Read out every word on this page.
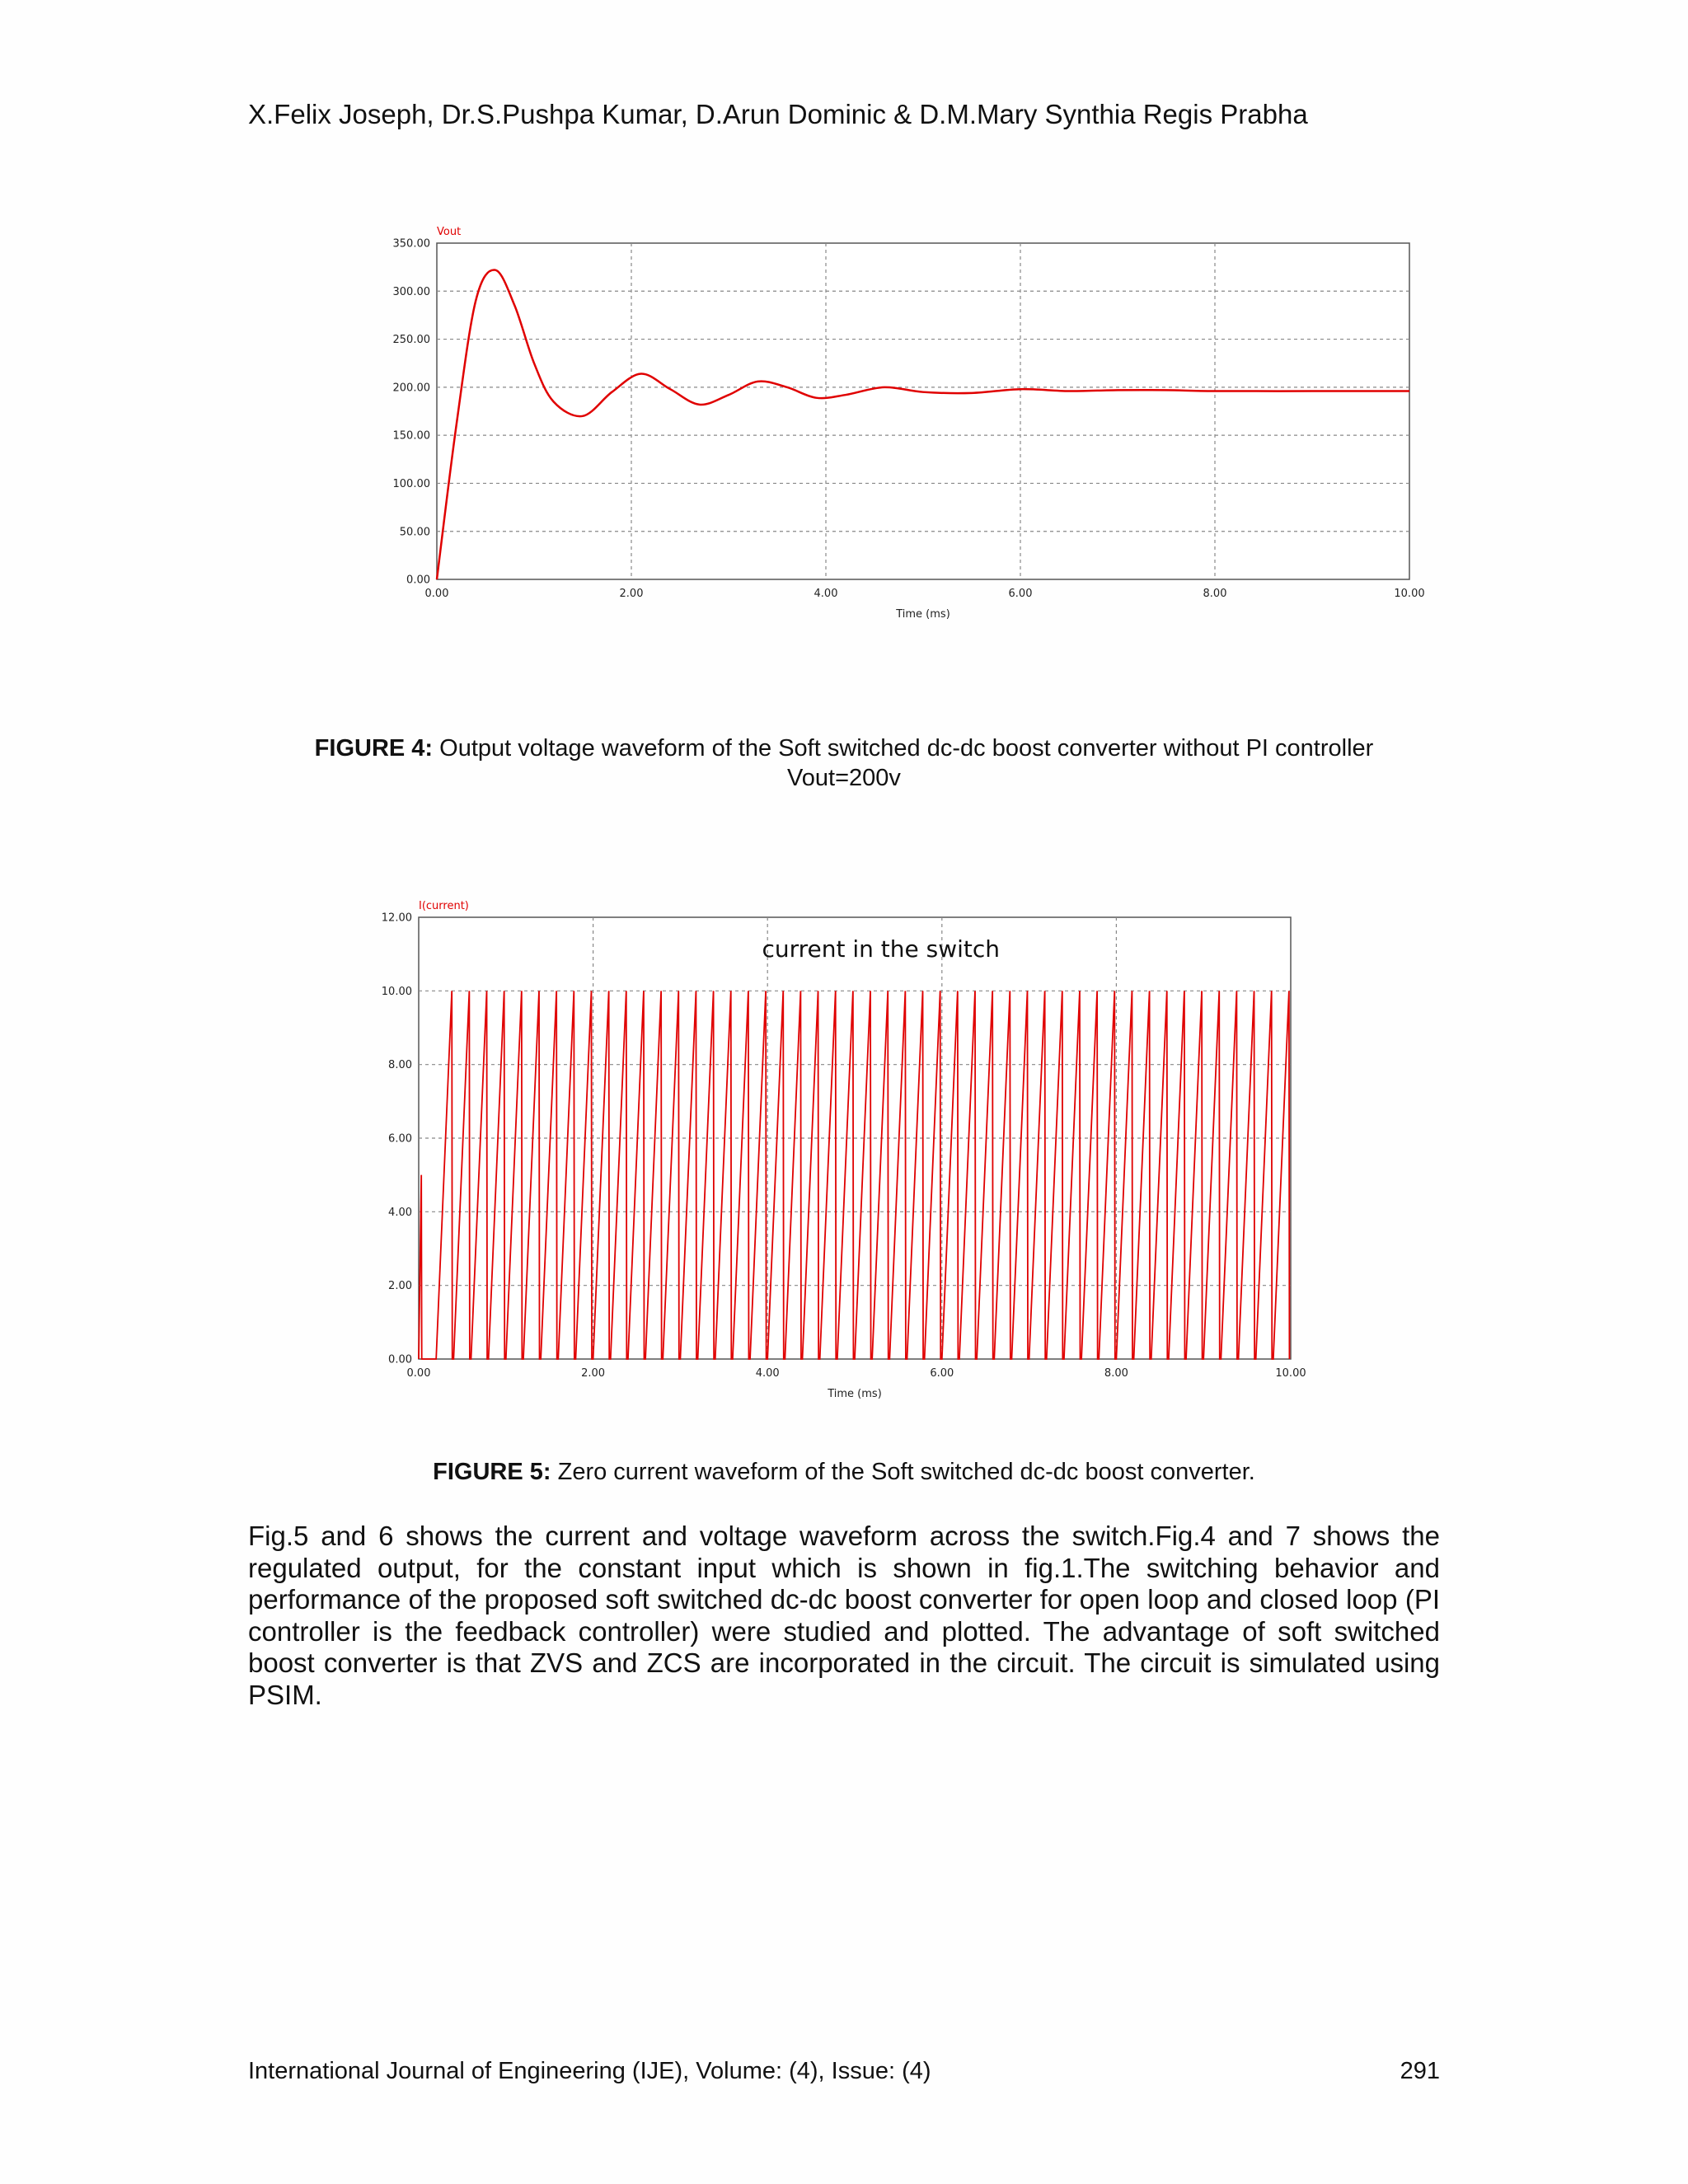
X.Felix Joseph, Dr.S.Pushpa Kumar, D.Arun Dominic & D.M.Mary Synthia Regis Prabha
0.00
50.00
100.00
150.00
200.00
250.00
300.00
350.00
0.00	2.00	4.00	6.00	8.00	10.00
Time (ms)
Vout
FIGURE 4: Output voltage waveform of the Soft switched dc-dc boost converter without PI controller
Vout=200v
0.00
2.00
4.00
6.00
8.00
10.00
12.00
0.00	2.00	4.00	6.00	8.00	10.00
Time (ms)
I(current)
current in the switch
FIGURE 5: Zero current waveform of the Soft switched dc-dc boost converter.
Fig.5 and 6 shows the current and voltage waveform across the switch.Fig.4 and 7 shows the regulated output, for the constant input which is shown in fig.1.The switching behavior and performance of the proposed soft switched dc-dc boost converter for open loop and closed loop (PI controller is the feedback controller) were studied and plotted. The advantage of soft switched boost converter is that ZVS and ZCS are incorporated in the circuit. The circuit is simulated using PSIM.
International Journal of Engineering (IJE), Volume: (4), Issue: (4)	291
